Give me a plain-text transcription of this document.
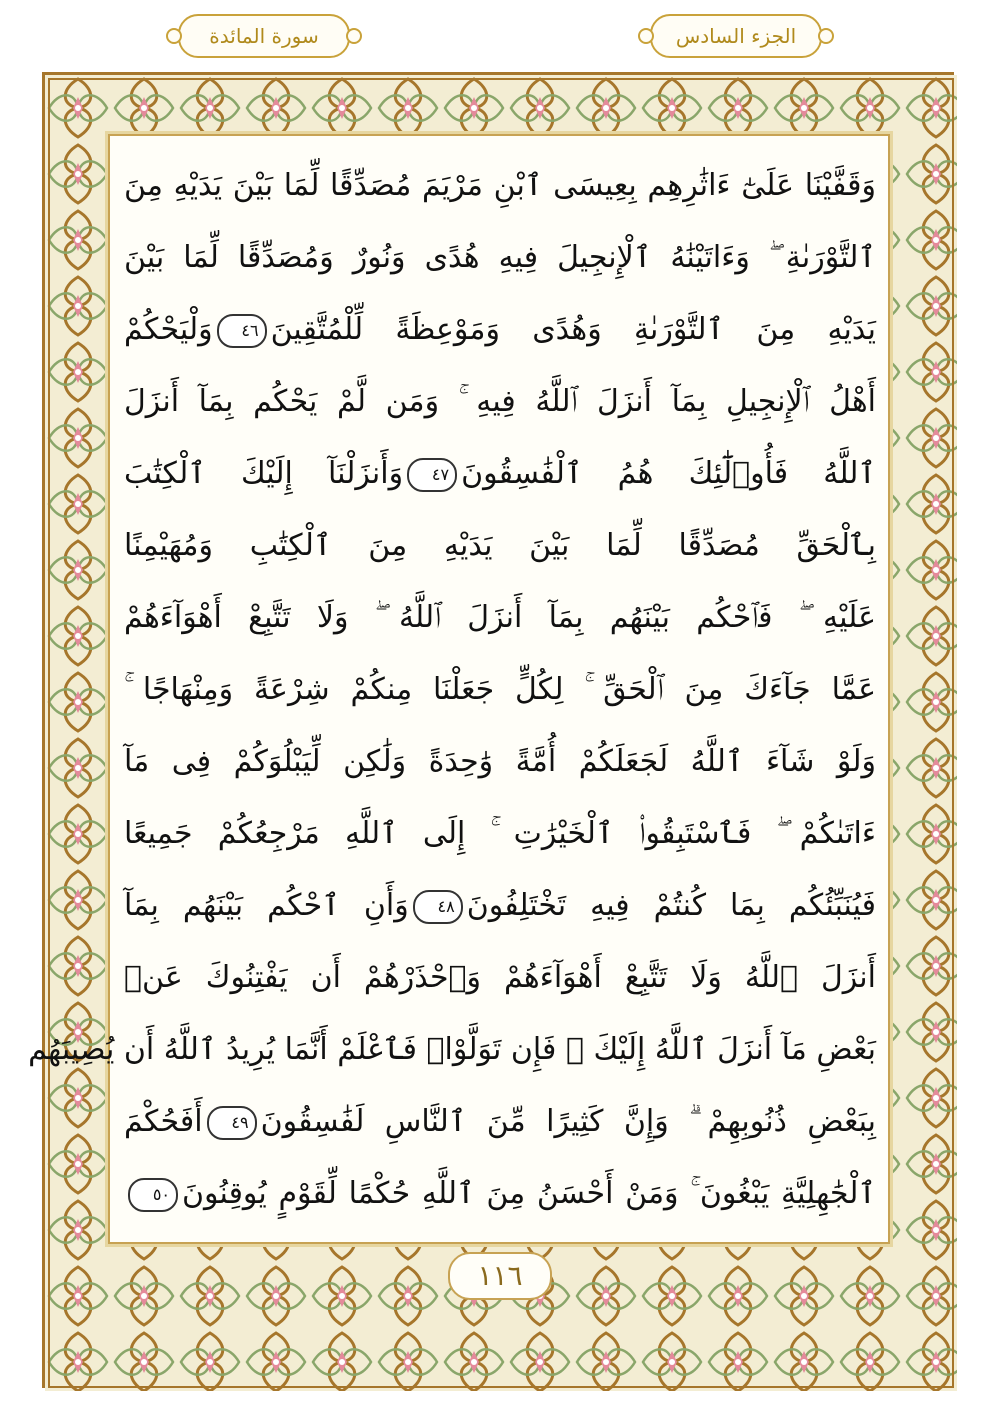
سورة المائدة	الجزء السادس
وَقَفَّيْنَا عَلَىٰٓ ءَاثَٰرِهِم بِعِيسَى ٱبْنِ مَرْيَمَ مُصَدِّقًا لِّمَا بَيْنَ يَدَيْهِ مِنَ
ٱلتَّوْرَىٰةِ ۖ وَءَاتَيْنَٰهُ ٱلْإِنجِيلَ فِيهِ هُدًى وَنُورٌ وَمُصَدِّقًا لِّمَا بَيْنَ
يَدَيْهِ مِنَ ٱلتَّوْرَىٰةِ وَهُدًى وَمَوْعِظَةً لِّلْمُتَّقِينَ٤٦وَلْيَحْكُمْ
أَهْلُ ٱلْإِنجِيلِ بِمَآ أَنزَلَ ٱللَّهُ فِيهِ ۚ وَمَن لَّمْ يَحْكُم بِمَآ أَنزَلَ
ٱللَّهُ فَأُو۟لَٰٓئِكَ هُمُ ٱلْفَٰسِقُونَ٤٧وَأَنزَلْنَآ إِلَيْكَ ٱلْكِتَٰبَ
بِٱلْحَقِّ مُصَدِّقًا لِّمَا بَيْنَ يَدَيْهِ مِنَ ٱلْكِتَٰبِ وَمُهَيْمِنًا
عَلَيْهِ ۖ فَٱحْكُم بَيْنَهُم بِمَآ أَنزَلَ ٱللَّهُ ۖ وَلَا تَتَّبِعْ أَهْوَآءَهُمْ
عَمَّا جَآءَكَ مِنَ ٱلْحَقِّ ۚ لِكُلٍّ جَعَلْنَا مِنكُمْ شِرْعَةً وَمِنْهَاجًا ۚ
وَلَوْ شَآءَ ٱللَّهُ لَجَعَلَكُمْ أُمَّةً وَٰحِدَةً وَلَٰكِن لِّيَبْلُوَكُمْ فِى مَآ
ءَاتَىٰكُمْ ۖ فَٱسْتَبِقُوا۟ ٱلْخَيْرَٰتِ ۚ إِلَى ٱللَّهِ مَرْجِعُكُمْ جَمِيعًا
فَيُنَبِّئُكُم بِمَا كُنتُمْ فِيهِ تَخْتَلِفُونَ٤٨وَأَنِ ٱحْكُم بَيْنَهُم بِمَآ
أَنزَلَ ٱللَّهُ وَلَا تَتَّبِعْ أَهْوَآءَهُمْ وَٱحْذَرْهُمْ أَن يَفْتِنُوكَ عَنۢ
بَعْضِ مَآ أَنزَلَ ٱللَّهُ إِلَيْكَ ۖ فَإِن تَوَلَّوْا۟ فَٱعْلَمْ أَنَّمَا يُرِيدُ ٱللَّهُ أَن يُصِيبَهُم
بِبَعْضِ ذُنُوبِهِمْ ۗ وَإِنَّ كَثِيرًا مِّنَ ٱلنَّاسِ لَفَٰسِقُونَ٤٩أَفَحُكْمَ
ٱلْجَٰهِلِيَّةِ يَبْغُونَ ۚ وَمَنْ أَحْسَنُ مِنَ ٱللَّهِ حُكْمًا لِّقَوْمٍ يُوقِنُونَ٥٠
١١٦
